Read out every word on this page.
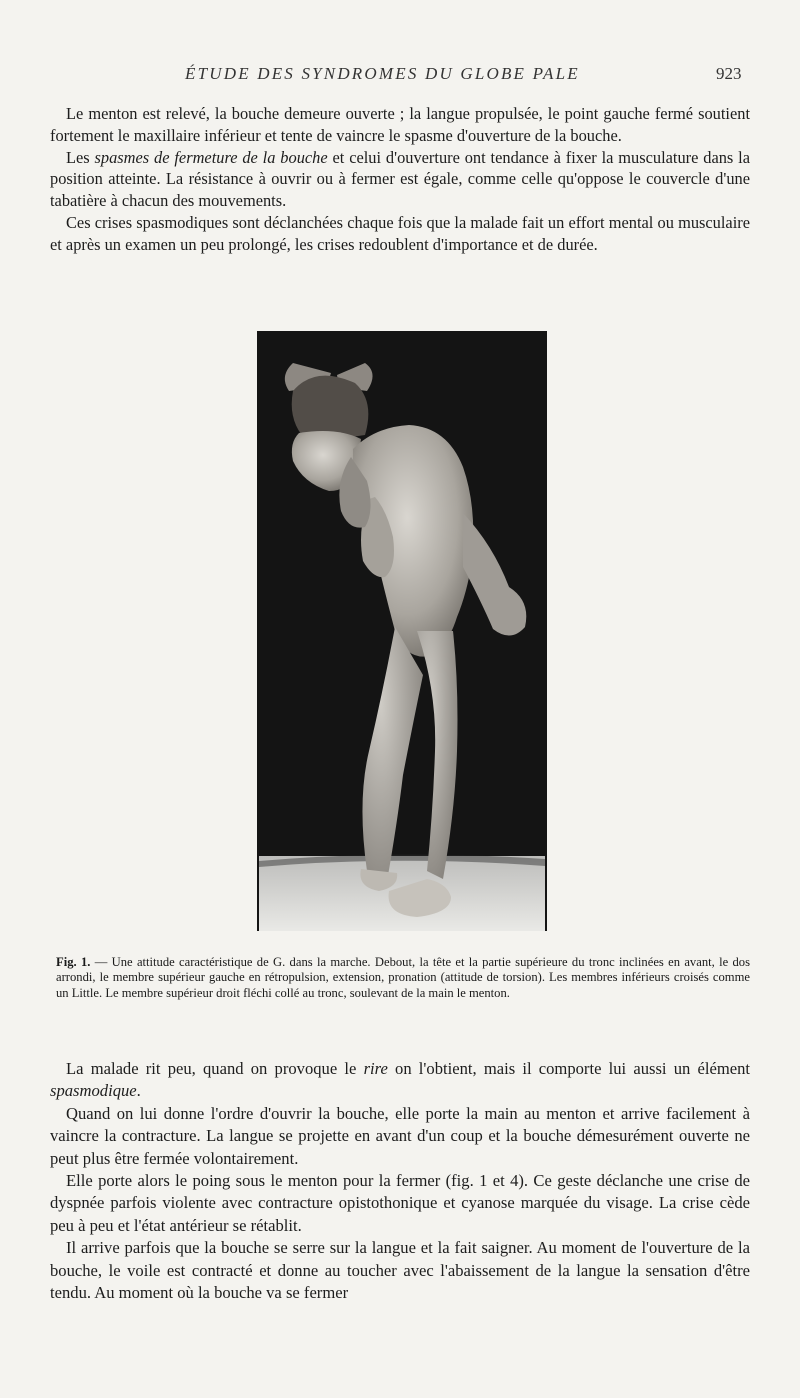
ÉTUDE DES SYNDROMES DU GLOBE PALE	923

Le menton est relevé, la bouche demeure ouverte ; la langue propulsée, le point gauche fermé soutient fortement le maxillaire inférieur et tente de vaincre le spasme d'ouverture de la bouche.

Les spasmes de fermeture de la bouche et celui d'ouverture ont tendance à fixer la musculature dans la position atteinte. La résistance à ouvrir ou à fermer est égale, comme celle qu'oppose le couvercle d'une tabatière à chacun des mouvements.

Ces crises spasmodiques sont déclanchées chaque fois que la malade fait un effort mental ou musculaire et après un examen un peu prolongé, les crises redoublent d'importance et de durée.

Fig. 1. — Une attitude caractéristique de G. dans la marche. Debout, la tête et la partie supérieure du tronc inclinées en avant, le dos arrondi, le membre supérieur gauche en rétropulsion, extension, pronation (attitude de torsion). Les membres inférieurs croisés comme un Little. Le membre supérieur droit fléchi collé au tronc, soulevant de la main le menton.

La malade rit peu, quand on provoque le rire on l'obtient, mais il comporte lui aussi un élément spasmodique.

Quand on lui donne l'ordre d'ouvrir la bouche, elle porte la main au menton et arrive facilement à vaincre la contracture. La langue se projette en avant d'un coup et la bouche démesurément ouverte ne peut plus être fermée volontairement.

Elle porte alors le poing sous le menton pour la fermer (fig. 1 et 4). Ce geste déclanche une crise de dyspnée parfois violente avec contracture opistothonique et cyanose marquée du visage. La crise cède peu à peu et l'état antérieur se rétablit.

Il arrive parfois que la bouche se serre sur la langue et la fait saigner. Au moment de l'ouverture de la bouche, le voile est contracté et donne au toucher avec l'abaissement de la langue la sensation d'être tendu. Au moment où la bouche va se fermer
